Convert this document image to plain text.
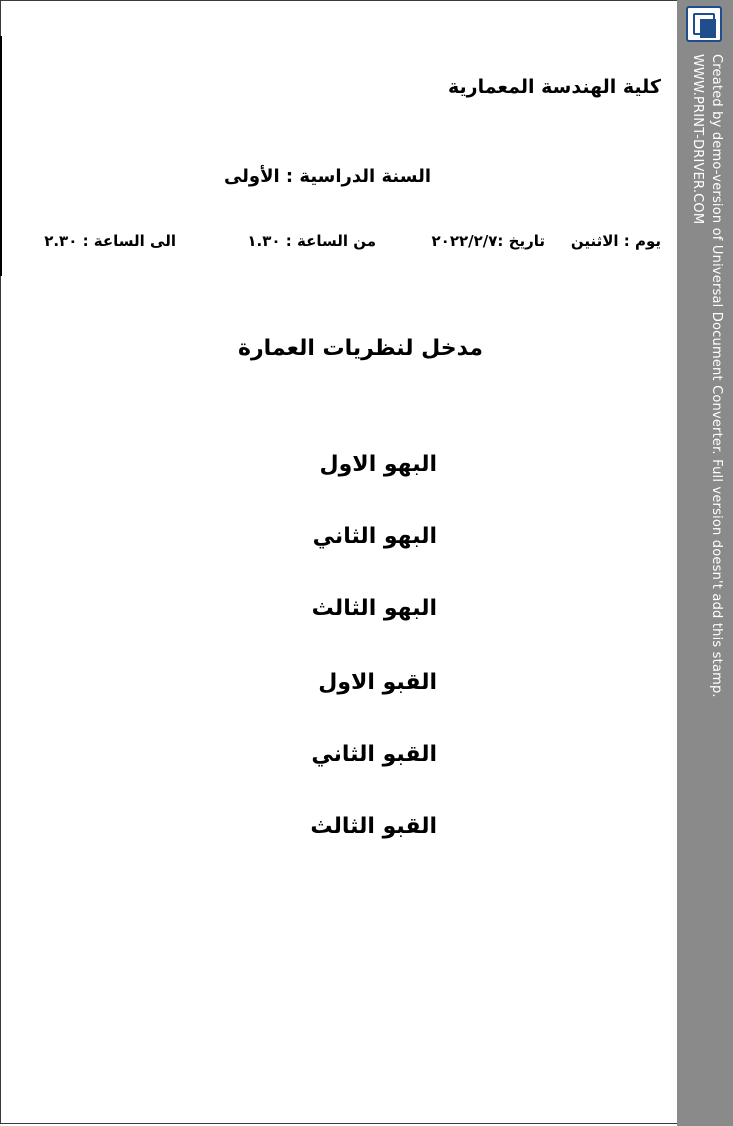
كلية الهندسة المعمارية
السنة الدراسية : الأولى
يوم : الاثنين
تاريخ :٢٠٢٢/٢/٧
من الساعة : ١.٣٠
الى الساعة : ٢.٣٠
مدخل لنظريات العمارة
البهو الاول
البهو الثاني
البهو الثالث
القبو الاول
القبو الثاني
القبو الثالث
Created by demo-version of Universal Document Converter. Full version doesn't add this stamp.
WWW.PRINT-DRIVER.COM
